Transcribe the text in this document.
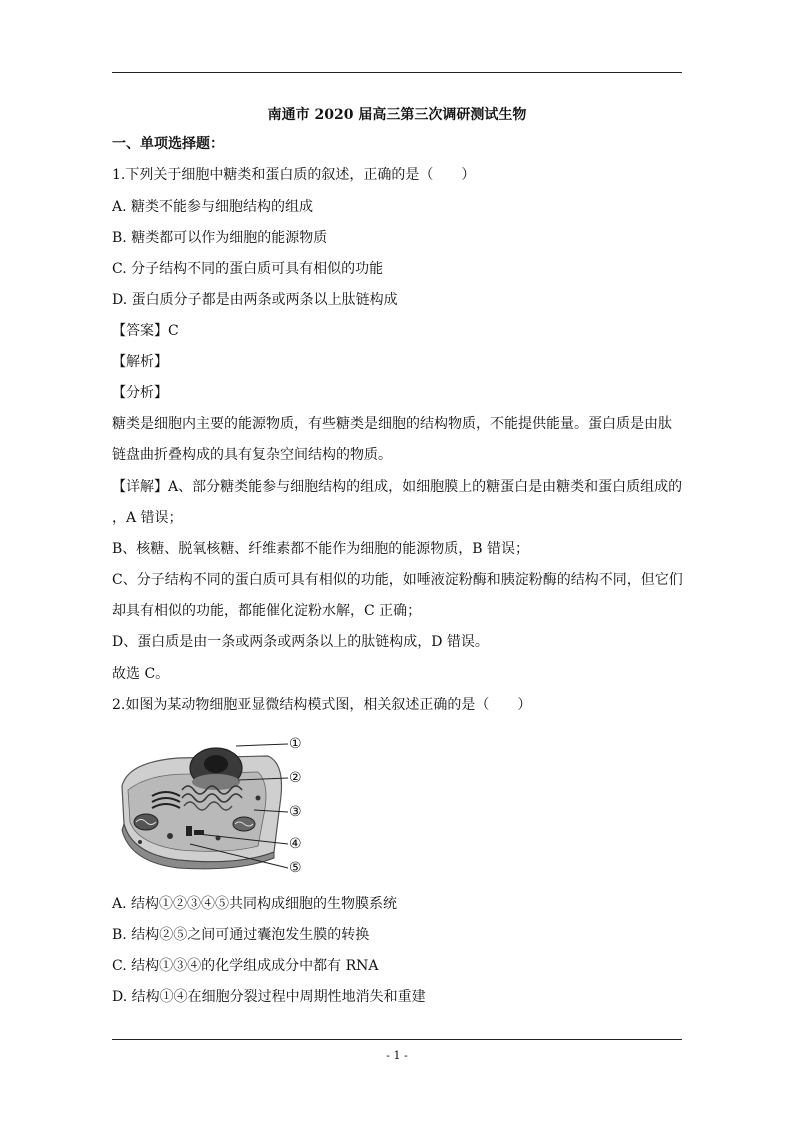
南通市 2020 届高三第三次调研测试生物
一、单项选择题：
1.下列关于细胞中糖类和蛋白质的叙述，正确的是（　　）
A. 糖类不能参与细胞结构的组成
B. 糖类都可以作为细胞的能源物质
C. 分子结构不同的蛋白质可具有相似的功能
D. 蛋白质分子都是由两条或两条以上肽链构成
【答案】C
【解析】
【分析】
糖类是细胞内主要的能源物质，有些糖类是细胞的结构物质，不能提供能量。蛋白质是由肽
链盘曲折叠构成的具有复杂空间结构的物质。
【详解】A、部分糖类能参与细胞结构的组成，如细胞膜上的糖蛋白是由糖类和蛋白质组成的
，A 错误；
B、核糖、脱氧核糖、纤维素都不能作为细胞的能源物质，B 错误；
C、分子结构不同的蛋白质可具有相似的功能，如唾液淀粉酶和胰淀粉酶的结构不同，但它们
却具有相似的功能，都能催化淀粉水解，C 正确；
D、蛋白质是由一条或两条或两条以上的肽链构成，D 错误。
故选 C。
2.如图为某动物细胞亚显微结构模式图，相关叙述正确的是（　　）
①
②
③
④
⑤
A. 结构①②③④⑤共同构成细胞的生物膜系统
B. 结构②⑤之间可通过囊泡发生膜的转换
C. 结构①③④的化学组成成分中都有 RNA
D. 结构①④在细胞分裂过程中周期性地消失和重建
- 1 -
